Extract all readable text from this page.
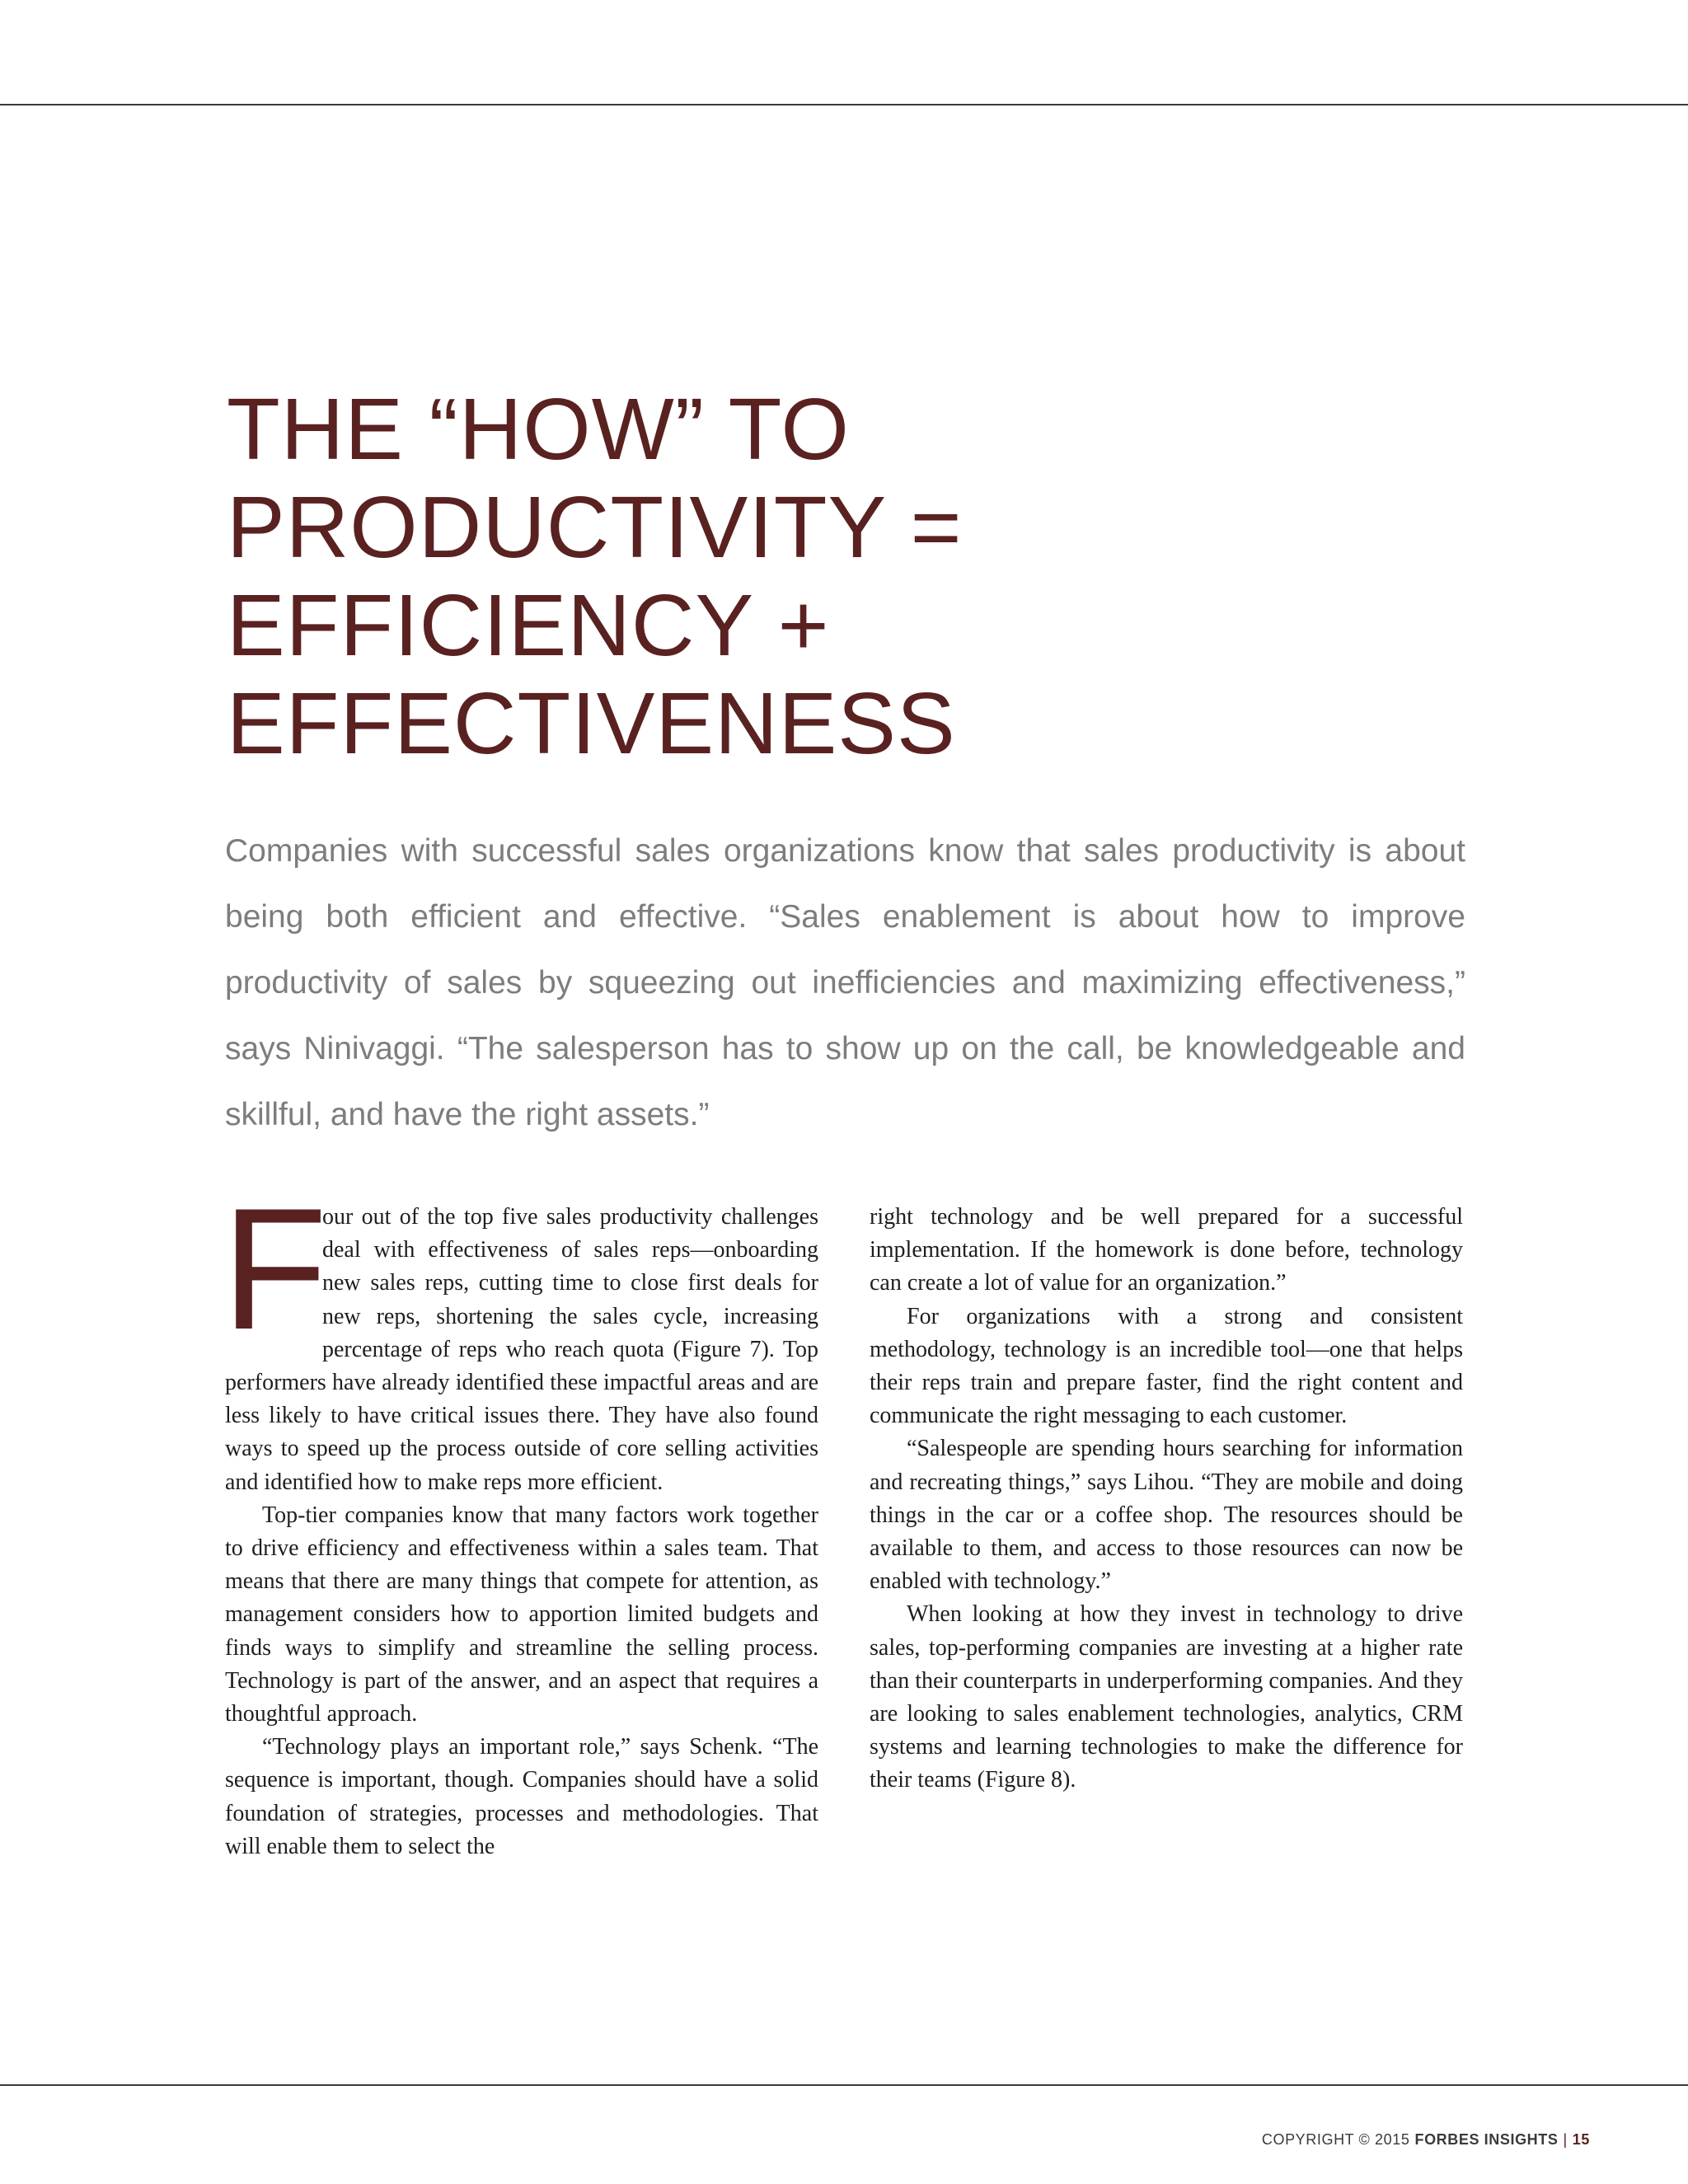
THE “HOW” TO
PRODUCTIVITY =
EFFICIENCY +
EFFECTIVENESS

Companies with successful sales organizations know that sales productivity is about being both efficient and effective. “Sales enablement is about how to improve productivity of sales by squeezing out inefficiencies and maximizing effectiveness,” says Ninivaggi. “The salesperson has to show up on the call, be knowledgeable and skillful, and have the right assets.”

F
our out of the top five sales productivity challenges deal with effectiveness of sales reps—onboarding new sales reps, cutting time to close first deals for new reps, shortening the sales cycle, increasing percentage of reps who reach quota (Figure 7). Top performers have already identified these impactful areas and are less likely to have critical issues there. They have also found ways to speed up the process outside of core selling activities and identified how to make reps more efficient.

Top-tier companies know that many factors work together to drive efficiency and effectiveness within a sales team. That means that there are many things that compete for attention, as management considers how to apportion limited budgets and finds ways to simplify and streamline the selling process. Technology is part of the answer, and an aspect that requires a thoughtful approach.

“Technology plays an important role,” says Schenk. “The sequence is important, though. Companies should have a solid foundation of strategies, processes and methodologies. That will enable them to select the

right technology and be well prepared for a successful implementation. If the homework is done before, technology can create a lot of value for an organization.”

For organizations with a strong and consistent methodology, technology is an incredible tool—one that helps their reps train and prepare faster, find the right content and communicate the right messaging to each customer.

“Salespeople are spending hours searching for information and recreating things,” says Lihou. “They are mobile and doing things in the car or a coffee shop. The resources should be available to them, and access to those resources can now be enabled with technology.”

When looking at how they invest in technology to drive sales, top-performing companies are investing at a higher rate than their counterparts in underperforming companies. And they are looking to sales enablement technologies, analytics, CRM systems and learning technologies to make the difference for their teams (Figure 8).

COPYRIGHT © 2015 FORBES INSIGHTS | 15
